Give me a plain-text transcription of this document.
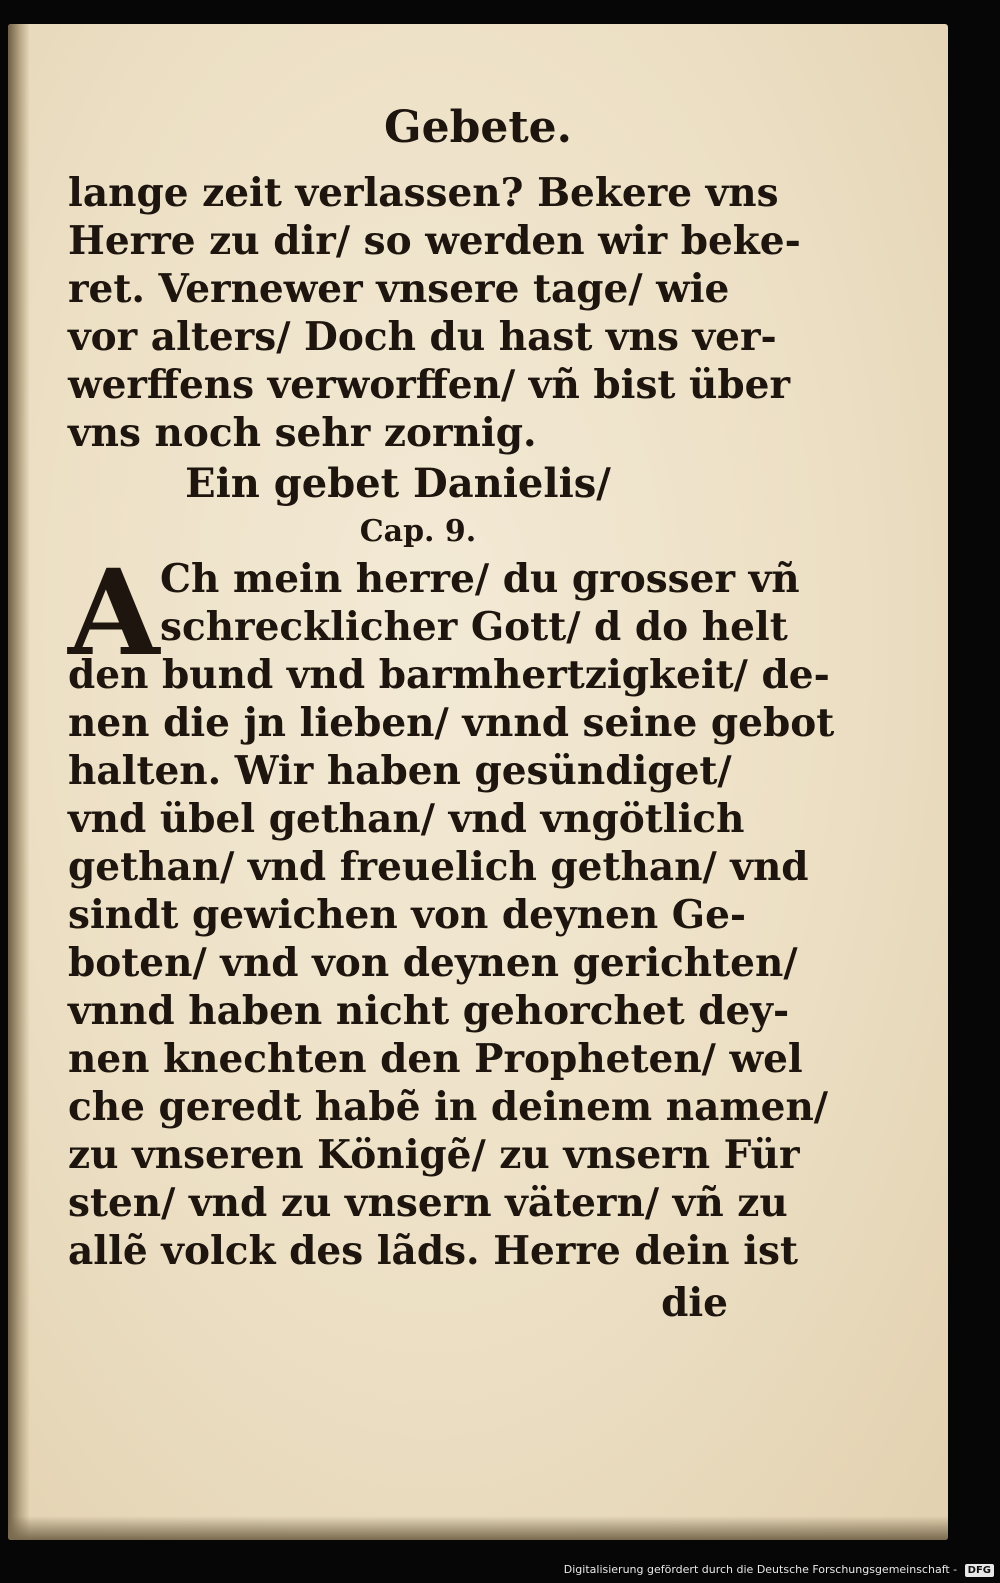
Gebete.
lange zeit verlassen? Bekere vns
Herre zu dir/ so werden wir beke-
ret. Vernewer vnsere tage/ wie
vor alters/ Doch du hast vns ver-
werffens verworffen/ vñ bist über
vns noch sehr zornig.
Ein gebet Danielis/
Cap. 9.
A Ch mein herre/ du grosser vñ
schrecklicher Gott/ d do helt
den bund vnd barmhertzigkeit/ de-
nen die jn lieben/ vnnd seine gebot
halten. Wir haben gesündiget/
vnd übel gethan/ vnd vngötlich
gethan/ vnd freuelich gethan/ vnd
sindt gewichen von deynen Ge-
boten/ vnd von deynen gerichten/
vnnd haben nicht gehorchet dey-
nen knechten den Propheten/ wel
che geredt habẽ in deinem namen/
zu vnseren Königẽ/ zu vnsern Für
sten/ vnd zu vnsern vätern/ vñ zu
allẽ volck des lãds. Herre dein ist
die
Digitalisierung gefördert durch die Deutsche Forschungsgemeinschaft - DFG
